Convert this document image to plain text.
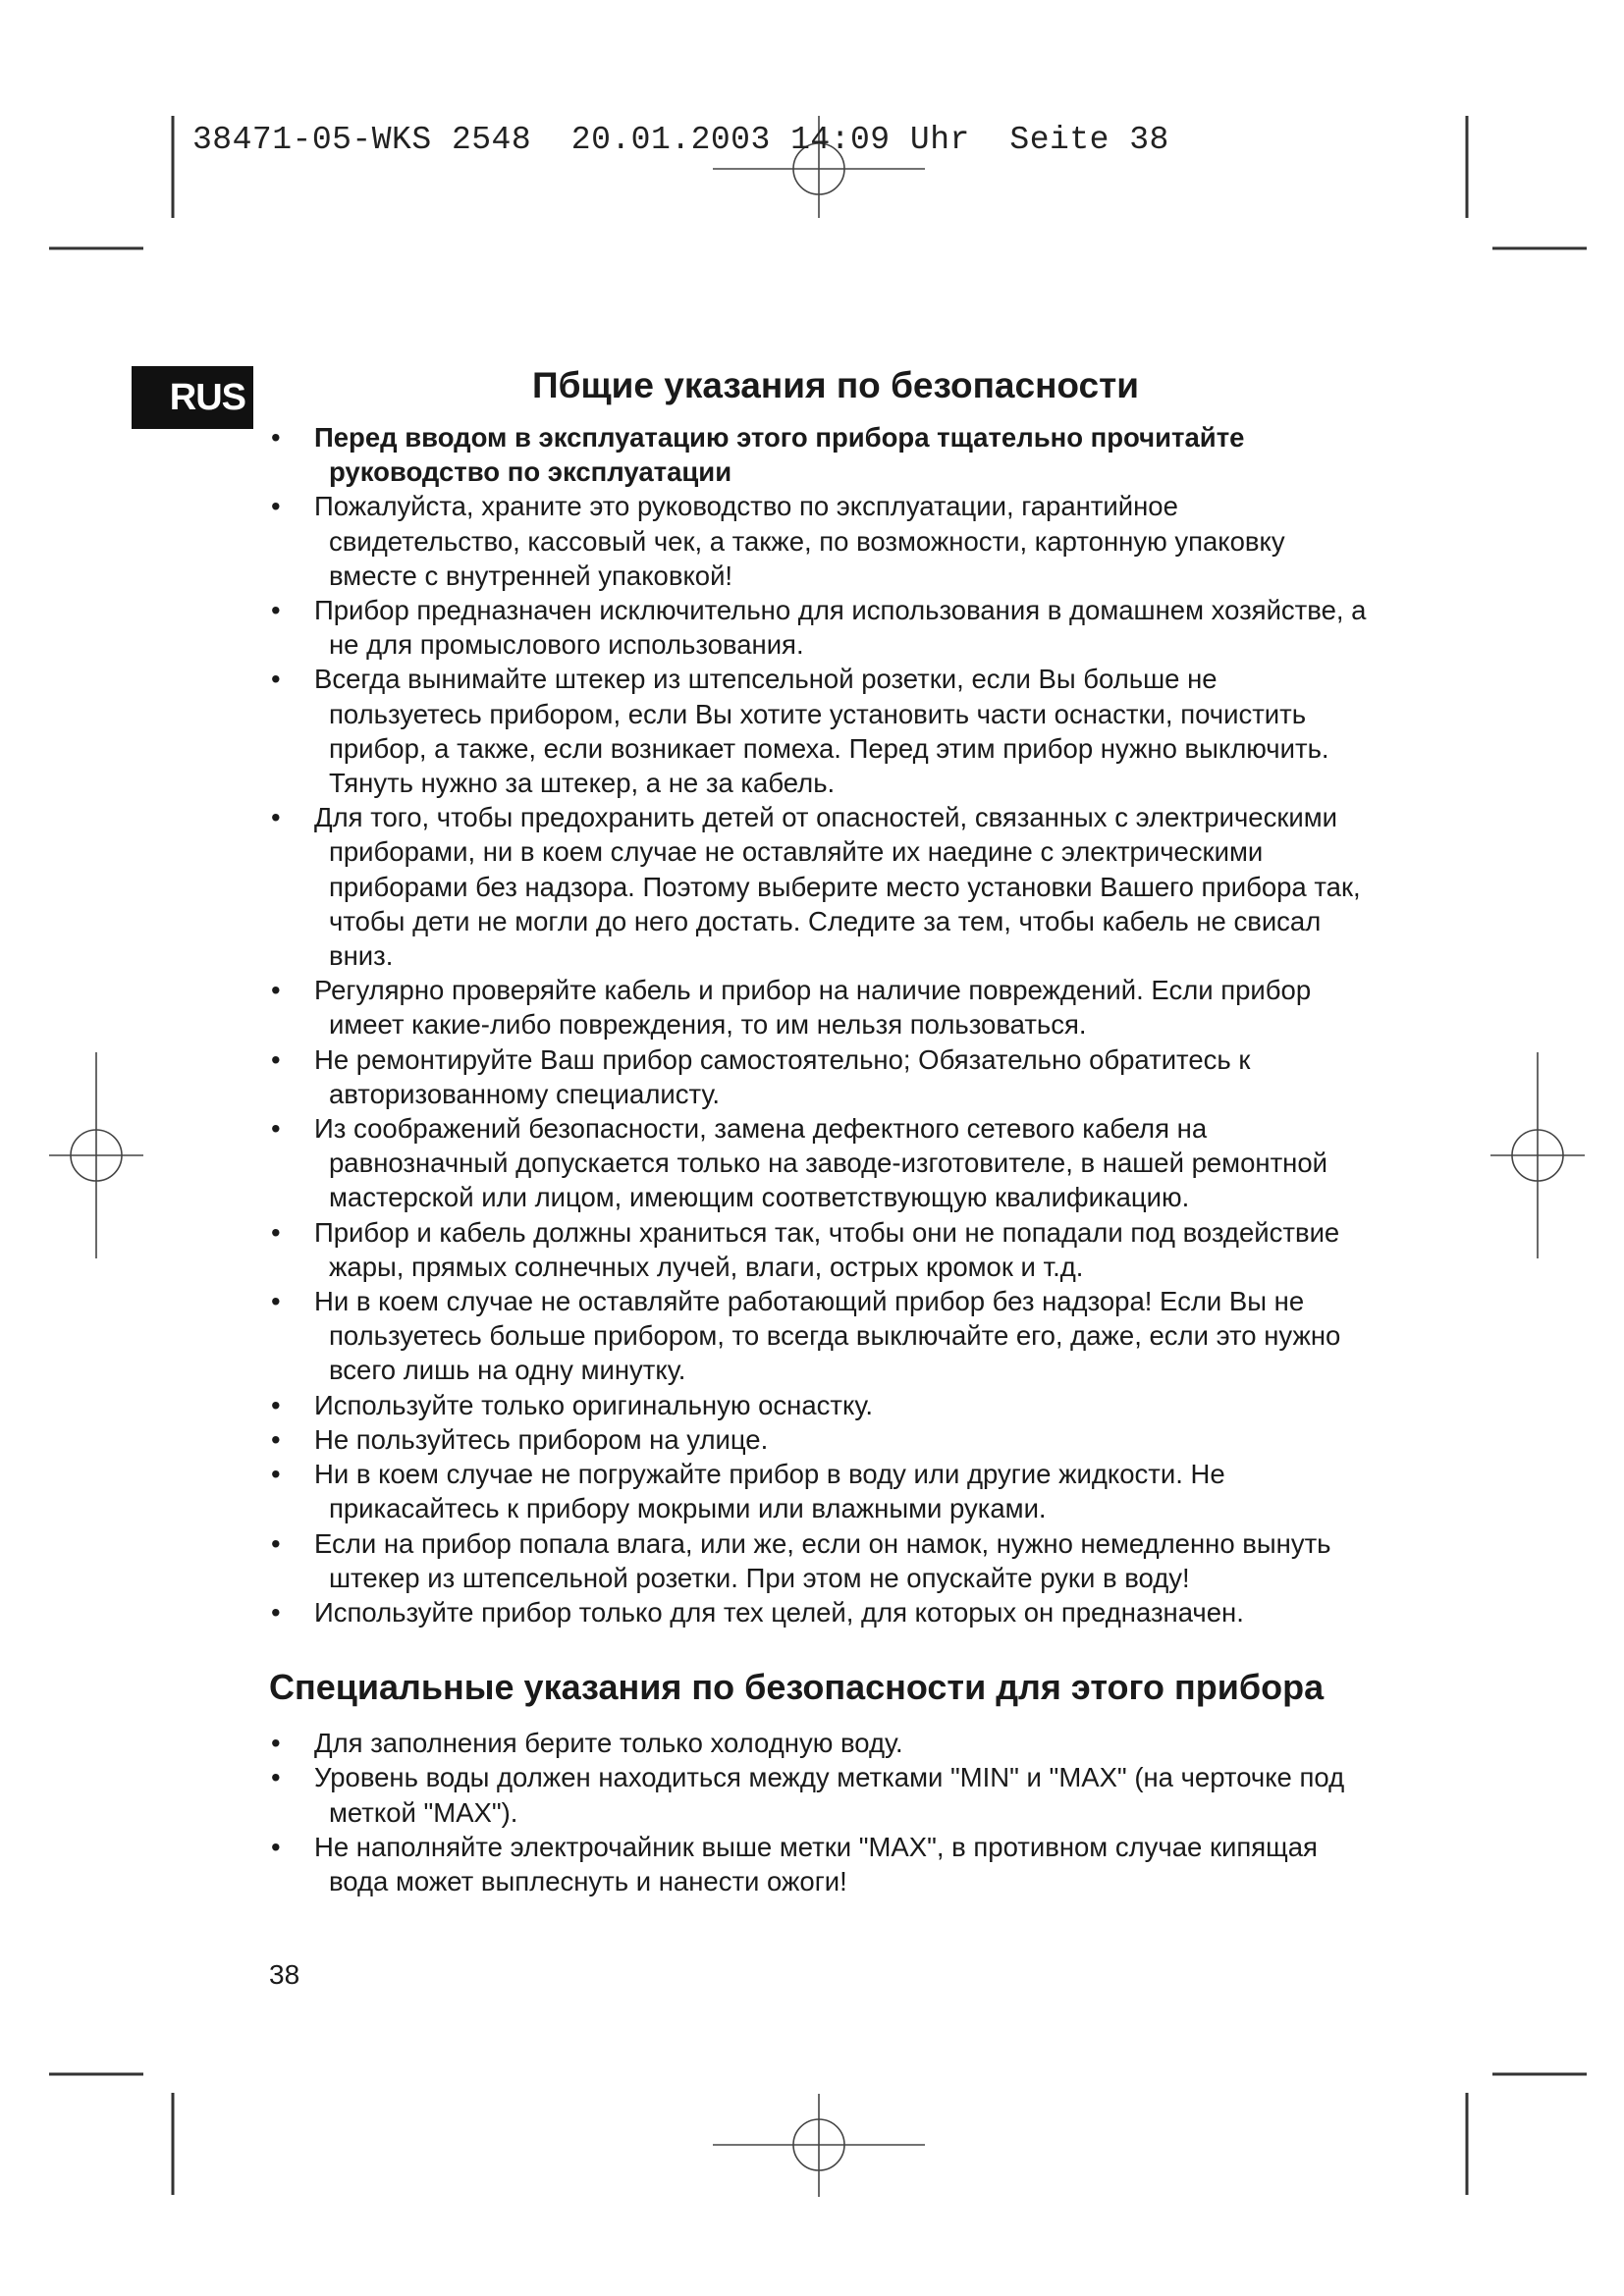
38471-05-WKS 2548  20.01.2003 14:09 Uhr  Seite 38
RUS	Пбщие указания по безопасности
• Перед вводом в эксплуатацию этого прибора тщательно прочитайте руководство по эксплуатации
• Пожалуйста, храните это руководство по эксплуатации, гарантийное свидетельство, кассовый чек, а также, по возможности, картонную упаковку вместе с внутренней упаковкой!
• Прибор предназначен исключительно для использования в домашнем хозяйстве, а не для промыслового использования.
• Всегда вынимайте штекер из штепсельной розетки, если Вы больше не пользуетесь прибором, если Вы хотите установить части оснастки, почистить прибор, а также, если возникает помеха. Перед этим прибор нужно выключить. Тянуть нужно за штекер, а не за кабель.
• Для того, чтобы предохранить детей от опасностей, связанных с электрическими приборами, ни в коем случае не оставляйте их наедине с электрическими приборами без надзора. Поэтому выберите место установки Вашего прибора так, чтобы дети не могли до него достать. Следите за тем, чтобы кабель не свисал вниз.
• Регулярно проверяйте кабель и прибор на наличие повреждений. Если прибор имеет какие-либо повреждения, то им нельзя пользоваться.
• Не ремонтируйте Ваш прибор самостоятельно; Обязательно обратитесь к авторизованному специалисту.
• Из соображений безопасности, замена дефектного сетевого кабеля на равнозначный допускается только на заводе-изготовителе, в нашей ремонтной мастерской или лицом, имеющим соответствующую квалификацию.
• Прибор и кабель должны храниться так, чтобы они не попадали под воздействие жары, прямых солнечных лучей, влаги, острых кромок и т.д.
• Ни в коем случае не оставляйте работающий прибор без надзора! Если Вы не пользуетесь больше прибором, то всегда выключайте его, даже, если это нужно всего лишь на одну минутку.
• Используйте только оригинальную оснастку.
• Не пользуйтесь прибором на улице.
• Ни в коем случае не погружайте прибор в воду или другие жидкости. Не прикасайтесь к прибору мокрыми или влажными руками.
• Если на прибор попала влага, или же, если он намок, нужно немедленно вынуть штекер из штепсельной розетки. При этом не опускайте руки в воду!
• Используйте прибор только для тех целей, для которых он предназначен.
Специальные указания по безопасности для этого прибора
• Для заполнения берите только холодную воду.
• Уровень воды должен находиться между метками "MIN" и "MAX" (на черточке под меткой "MAX").
• Не наполняйте электрочайник выше метки "MAX", в противном случае кипящая вода может выплеснуть и нанести ожоги!
38
